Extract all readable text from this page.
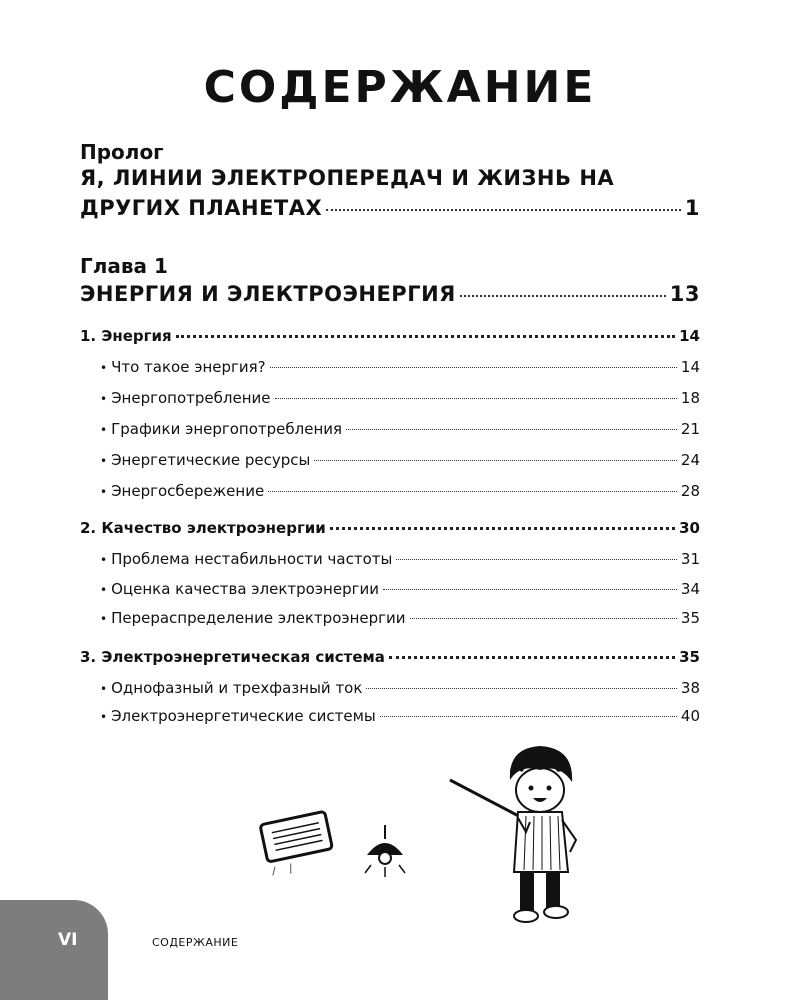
СОДЕРЖАНИЕ
Пролог
Я, ЛИНИИ ЭЛЕКТРОПЕРЕДАЧ И ЖИЗНЬ НА
ДРУГИХ ПЛАНЕТАХ	1
Глава 1
ЭНЕРГИЯ И ЭЛЕКТРОЭНЕРГИЯ	13
1. Энергия	14
• Что такое энергия?	14
• Энергопотребление	18
• Графики энергопотребления	21
• Энергетические ресурсы	24
• Энергосбережение	28
2. Качество электроэнергии	30
• Проблема нестабильности частоты	31
• Оценка качества электроэнергии	34
• Перераспределение электроэнергии	35
3. Электроэнергетическая система	35
• Однофазный и трехфазный ток	38
• Электроэнергетические системы	40
VI	СОДЕРЖАНИЕ
